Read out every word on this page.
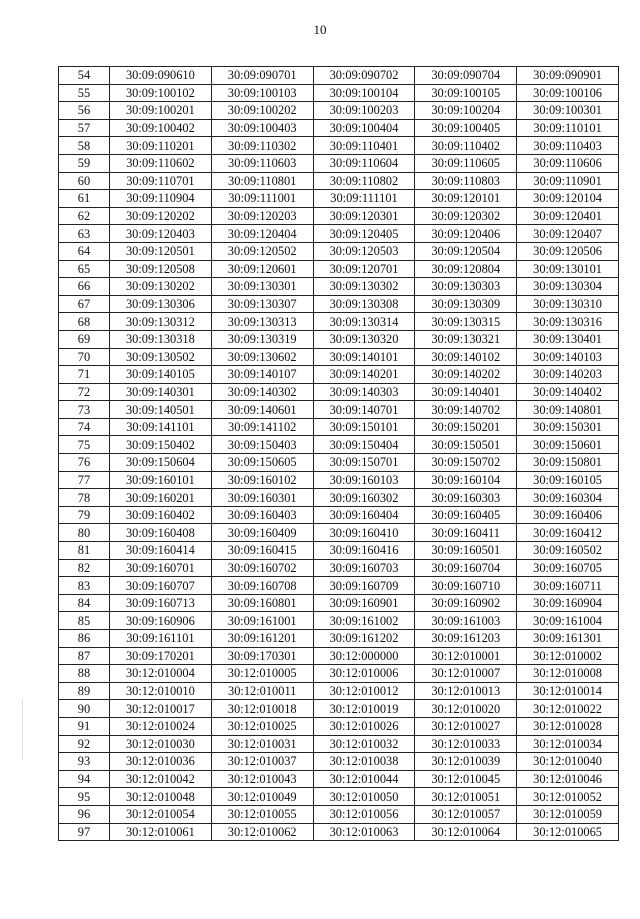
10
54	30:09:090610	30:09:090701	30:09:090702	30:09:090704	30:09:090901
55	30:09:100102	30:09:100103	30:09:100104	30:09:100105	30:09:100106
56	30:09:100201	30:09:100202	30:09:100203	30:09:100204	30:09:100301
57	30:09:100402	30:09:100403	30:09:100404	30:09:100405	30:09:110101
58	30:09:110201	30:09:110302	30:09:110401	30:09:110402	30:09:110403
59	30:09:110602	30:09:110603	30:09:110604	30:09:110605	30:09:110606
60	30:09:110701	30:09:110801	30:09:110802	30:09:110803	30:09:110901
61	30:09:110904	30:09:111001	30:09:111101	30:09:120101	30:09:120104
62	30:09:120202	30:09:120203	30:09:120301	30:09:120302	30:09:120401
63	30:09:120403	30:09:120404	30:09:120405	30:09:120406	30:09:120407
64	30:09:120501	30:09:120502	30:09:120503	30:09:120504	30:09:120506
65	30:09:120508	30:09:120601	30:09:120701	30:09:120804	30:09:130101
66	30:09:130202	30:09:130301	30:09:130302	30:09:130303	30:09:130304
67	30:09:130306	30:09:130307	30:09:130308	30:09:130309	30:09:130310
68	30:09:130312	30:09:130313	30:09:130314	30:09:130315	30:09:130316
69	30:09:130318	30:09:130319	30:09:130320	30:09:130321	30:09:130401
70	30:09:130502	30:09:130602	30:09:140101	30:09:140102	30:09:140103
71	30:09:140105	30:09:140107	30:09:140201	30:09:140202	30:09:140203
72	30:09:140301	30:09:140302	30:09:140303	30:09:140401	30:09:140402
73	30:09:140501	30:09:140601	30:09:140701	30:09:140702	30:09:140801
74	30:09:141101	30:09:141102	30:09:150101	30:09:150201	30:09:150301
75	30:09:150402	30:09:150403	30:09:150404	30:09:150501	30:09:150601
76	30:09:150604	30:09:150605	30:09:150701	30:09:150702	30:09:150801
77	30:09:160101	30:09:160102	30:09:160103	30:09:160104	30:09:160105
78	30:09:160201	30:09:160301	30:09:160302	30:09:160303	30:09:160304
79	30:09:160402	30:09:160403	30:09:160404	30:09:160405	30:09:160406
80	30:09:160408	30:09:160409	30:09:160410	30:09:160411	30:09:160412
81	30:09:160414	30:09:160415	30:09:160416	30:09:160501	30:09:160502
82	30:09:160701	30:09:160702	30:09:160703	30:09:160704	30:09:160705
83	30:09:160707	30:09:160708	30:09:160709	30:09:160710	30:09:160711
84	30:09:160713	30:09:160801	30:09:160901	30:09:160902	30:09:160904
85	30:09:160906	30:09:161001	30:09:161002	30:09:161003	30:09:161004
86	30:09:161101	30:09:161201	30:09:161202	30:09:161203	30:09:161301
87	30:09:170201	30:09:170301	30:12:000000	30:12:010001	30:12:010002
88	30:12:010004	30:12:010005	30:12:010006	30:12:010007	30:12:010008
89	30:12:010010	30:12:010011	30:12:010012	30:12:010013	30:12:010014
90	30:12:010017	30:12:010018	30:12:010019	30:12:010020	30:12:010022
91	30:12:010024	30:12:010025	30:12:010026	30:12:010027	30:12:010028
92	30:12:010030	30:12:010031	30:12:010032	30:12:010033	30:12:010034
93	30:12:010036	30:12:010037	30:12:010038	30:12:010039	30:12:010040
94	30:12:010042	30:12:010043	30:12:010044	30:12:010045	30:12:010046
95	30:12:010048	30:12:010049	30:12:010050	30:12:010051	30:12:010052
96	30:12:010054	30:12:010055	30:12:010056	30:12:010057	30:12:010059
97	30:12:010061	30:12:010062	30:12:010063	30:12:010064	30:12:010065
